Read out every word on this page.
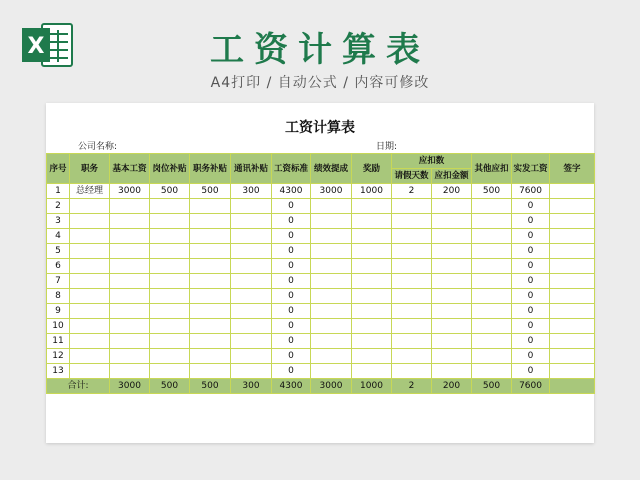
X	工资计算表
A4打印 / 自动公式 / 内容可修改
工资计算表
公司名称:	日期:
序号	职务	基本工资	岗位补贴	职务补贴	通讯补贴	工资标准	绩效提成	奖励	应扣数		其他应扣	实发工资	签字
									请假天数	应扣金额			
1	总经理	3000	500	500	300	4300	3000	1000	2	200	500	7600	
2						0						0	
3						0						0	
4						0						0	
5						0						0	
6						0						0	
7						0						0	
8						0						0	
9						0						0	
10						0						0	
11						0						0	
12						0						0	
13						0						0	
合计:		3000	500	500	300	4300	3000	1000	2	200	500	7600	
